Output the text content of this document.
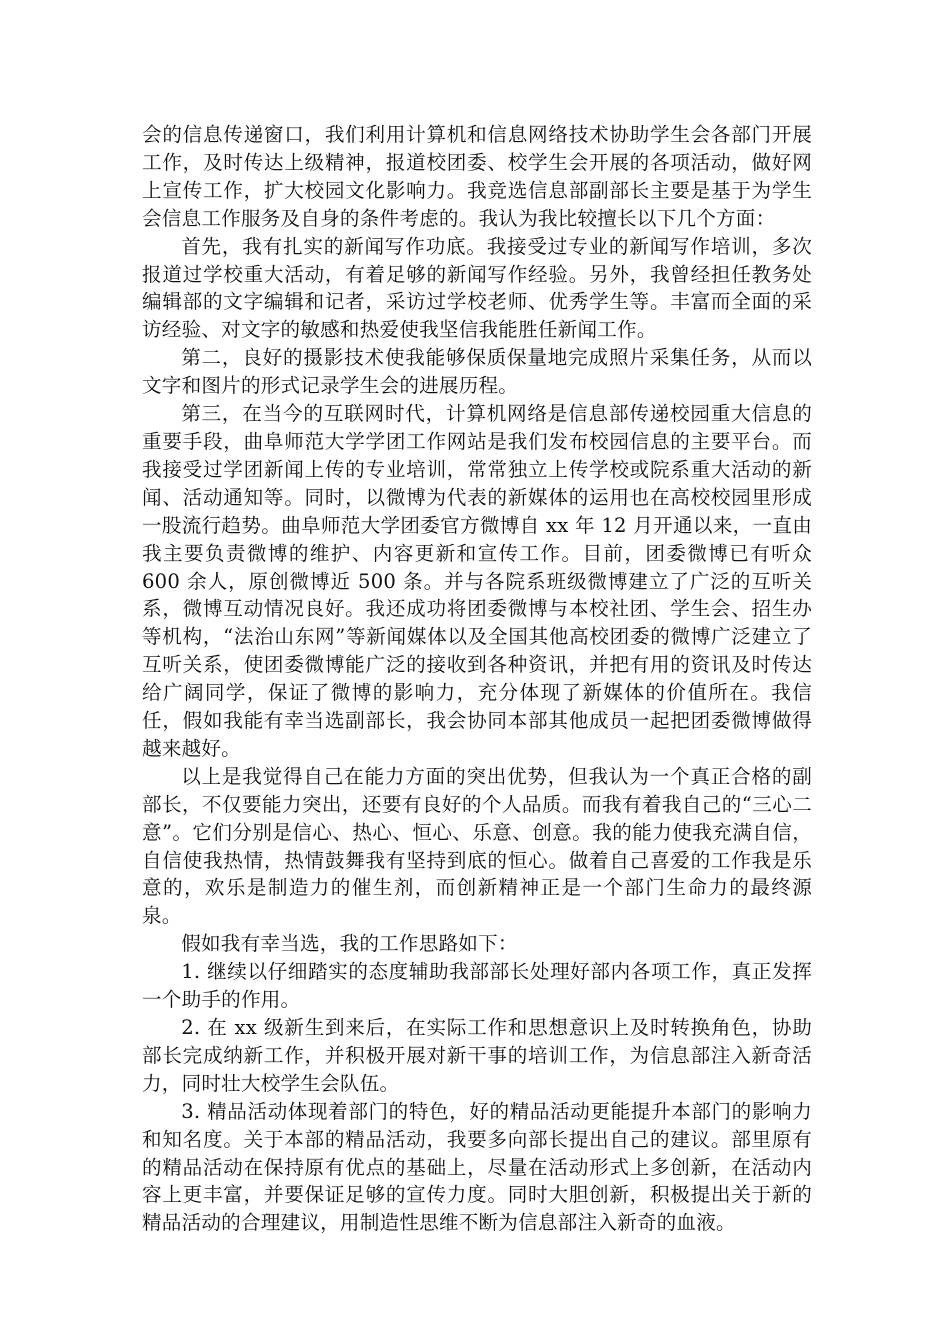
会的信息传递窗口，我们利用计算机和信息网络技术协助学生会各部门开展工作，及时传达上级精神，报道校团委、校学生会开展的各项活动，做好网上宣传工作，扩大校园文化影响力。我竞选信息部副部长主要是基于为学生会信息工作服务及自身的条件考虑的。我认为我比较擅长以下几个方面：

首先，我有扎实的新闻写作功底。我接受过专业的新闻写作培训，多次报道过学校重大活动，有着足够的新闻写作经验。另外，我曾经担任教务处编辑部的文字编辑和记者，采访过学校老师、优秀学生等。丰富而全面的采访经验、对文字的敏感和热爱使我坚信我能胜任新闻工作。

第二，良好的摄影技术使我能够保质保量地完成照片采集任务，从而以文字和图片的形式记录学生会的进展历程。

第三，在当今的互联网时代，计算机网络是信息部传递校园重大信息的重要手段，曲阜师范大学学团工作网站是我们发布校园信息的主要平台。而我接受过学团新闻上传的专业培训，常常独立上传学校或院系重大活动的新闻、活动通知等。同时，以微博为代表的新媒体的运用也在高校校园里形成一股流行趋势。曲阜师范大学团委官方微博自 xx 年 12 月开通以来，一直由我主要负责微博的维护、内容更新和宣传工作。目前，团委微博已有听众 600 余人，原创微博近 500 条。并与各院系班级微博建立了广泛的互听关系，微博互动情况良好。我还成功将团委微博与本校社团、学生会、招生办等机构，“法治山东网”等新闻媒体以及全国其他高校团委的微博广泛建立了互听关系，使团委微博能广泛的接收到各种资讯，并把有用的资讯及时传达给广阔同学，保证了微博的影响力，充分体现了新媒体的价值所在。我信任，假如我能有幸当选副部长，我会协同本部其他成员一起把团委微博做得越来越好。

以上是我觉得自己在能力方面的突出优势，但我认为一个真正合格的副部长，不仅要能力突出，还要有良好的个人品质。而我有着我自己的“三心二意”。它们分别是信心、热心、恒心、乐意、创意。我的能力使我充满自信，自信使我热情，热情鼓舞我有坚持到底的恒心。做着自己喜爱的工作我是乐意的，欢乐是制造力的催生剂，而创新精神正是一个部门生命力的最终源泉。

假如我有幸当选，我的工作思路如下：

1. 继续以仔细踏实的态度辅助我部部长处理好部内各项工作，真正发挥一个助手的作用。

2. 在 xx 级新生到来后，在实际工作和思想意识上及时转换角色，协助部长完成纳新工作，并积极开展对新干事的培训工作，为信息部注入新奇活力，同时壮大校学生会队伍。

3. 精品活动体现着部门的特色，好的精品活动更能提升本部门的影响力和知名度。关于本部的精品活动，我要多向部长提出自己的建议。部里原有的精品活动在保持原有优点的基础上，尽量在活动形式上多创新，在活动内容上更丰富，并要保证足够的宣传力度。同时大胆创新，积极提出关于新的精品活动的合理建议，用制造性思维不断为信息部注入新奇的血液。
